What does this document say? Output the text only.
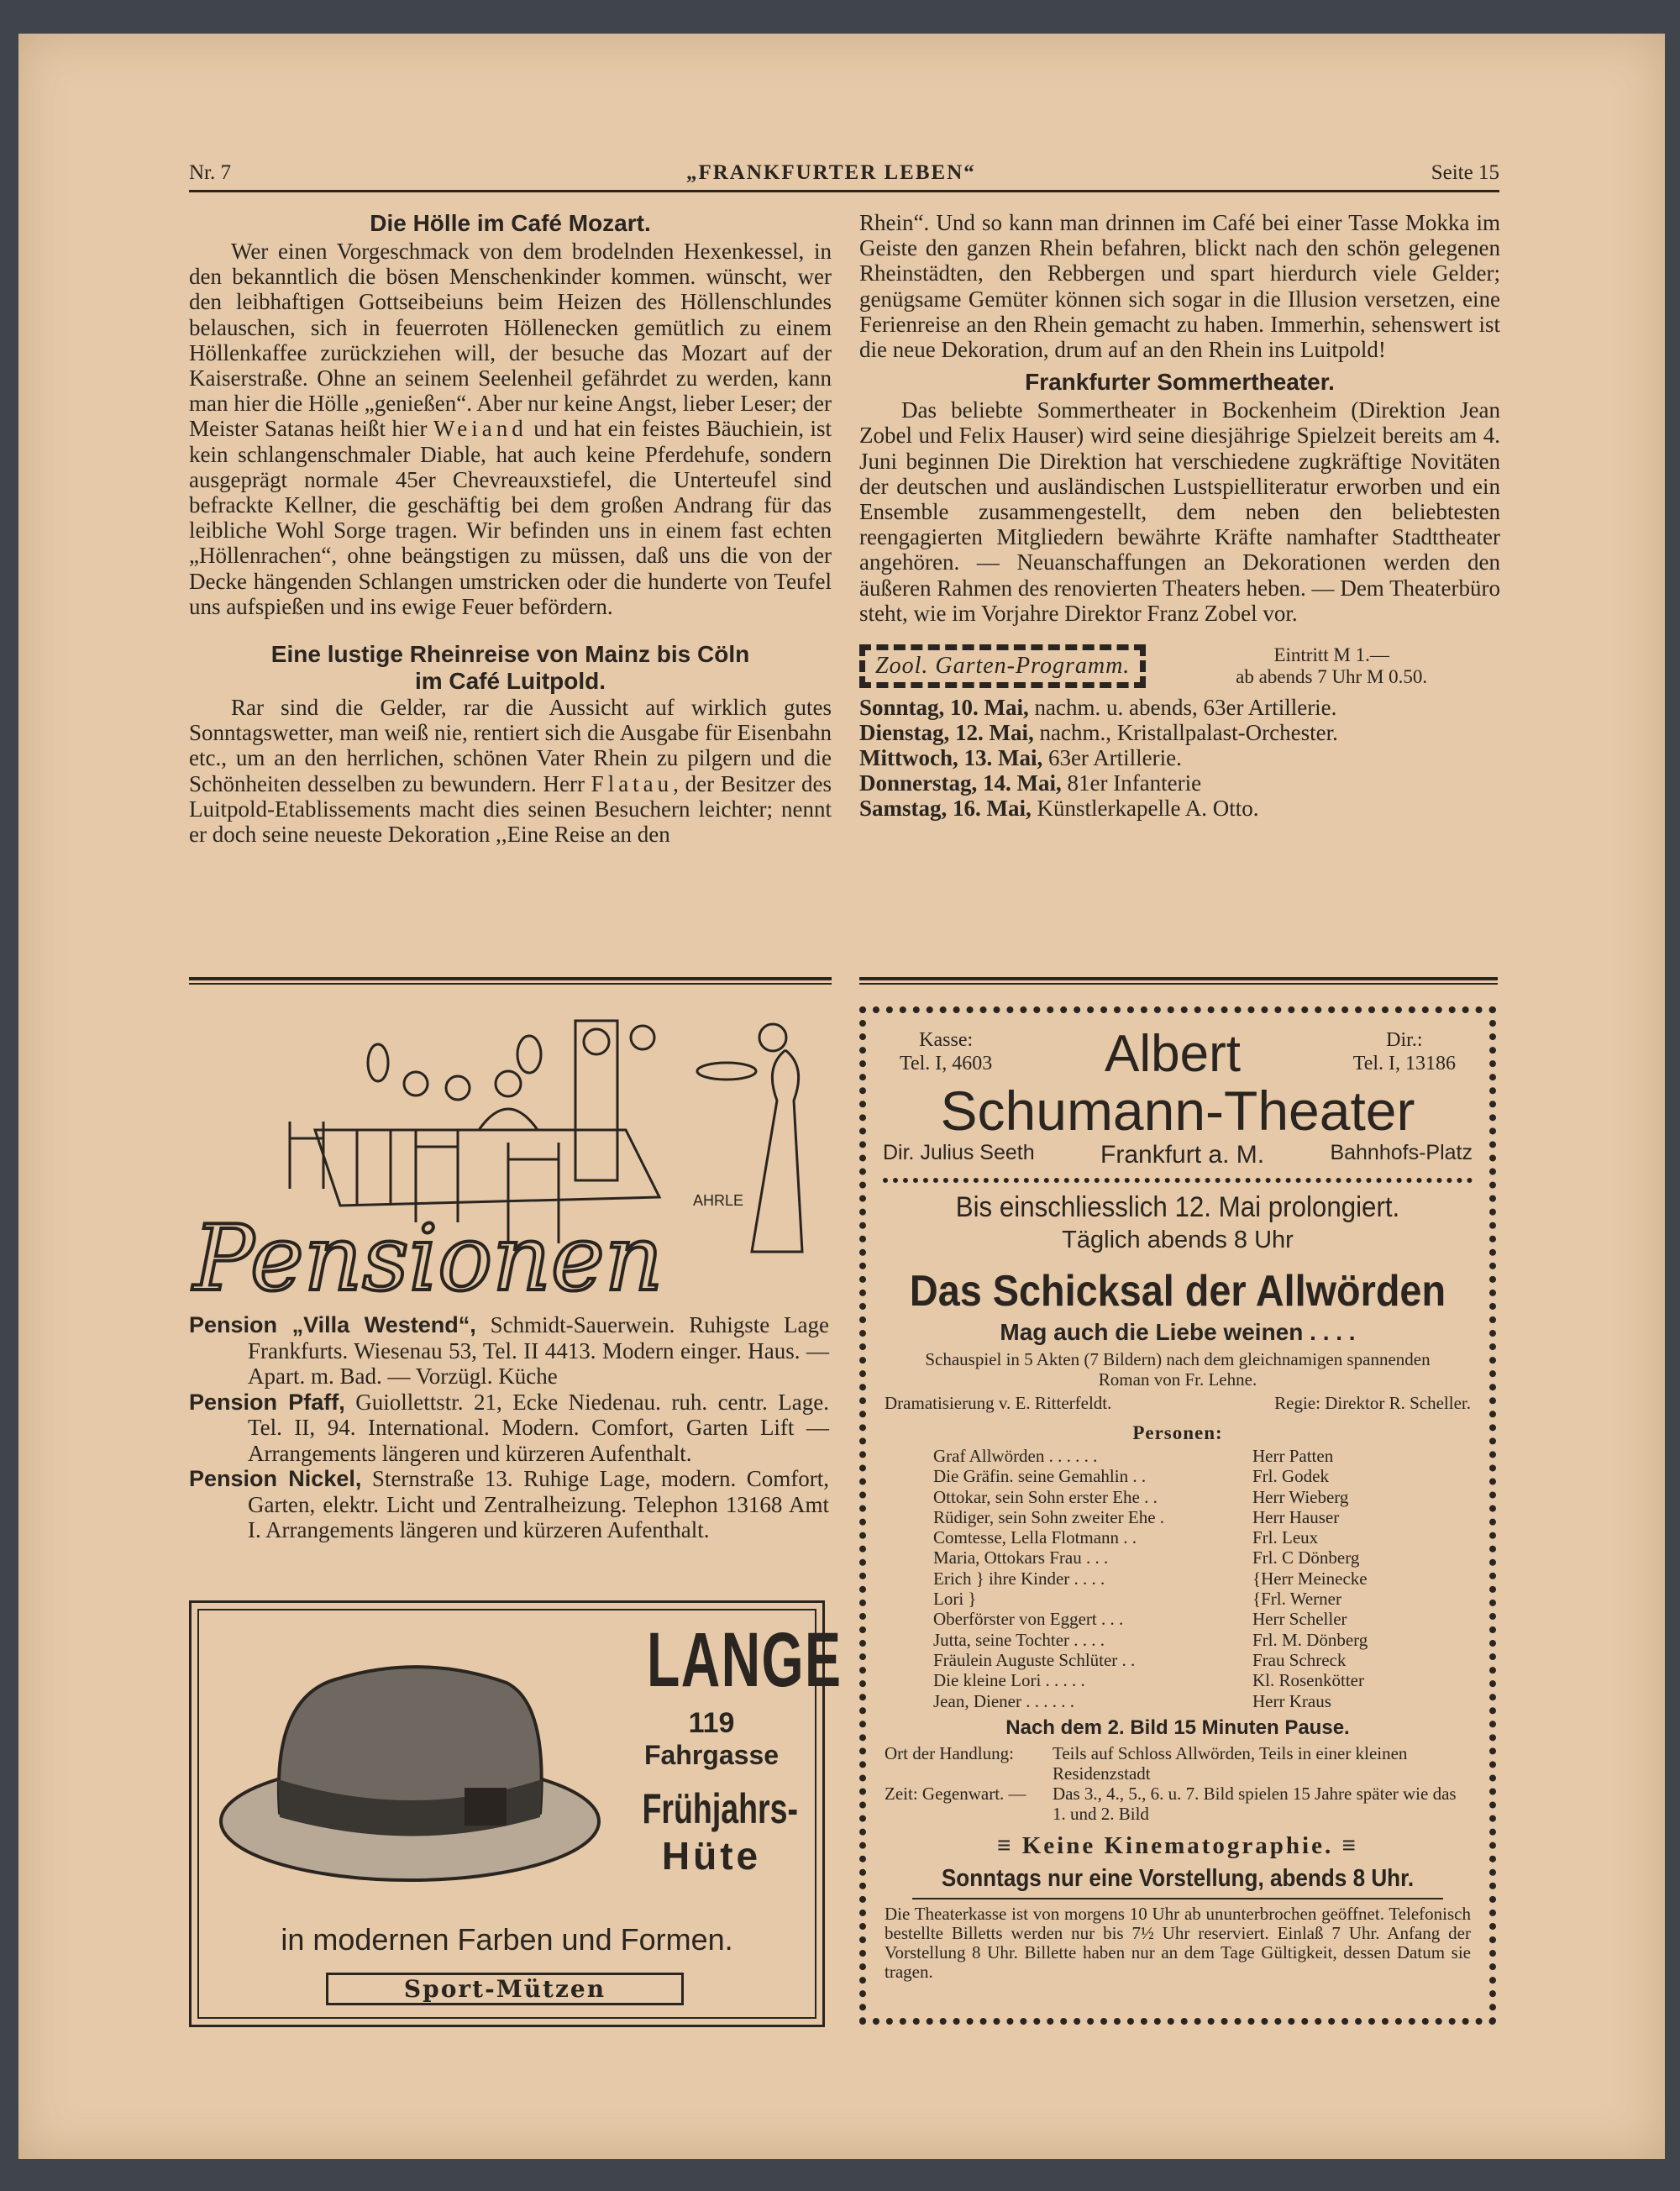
Nr. 7	„FRANKFURTER LEBEN“	Seite 15
Die Hölle im Café Mozart.

Wer einen Vorgeschmack von dem brodelnden Hexenkessel, in den bekanntlich die bösen Menschenkinder kommen. wünscht, wer den leibhaftigen Gottseibeiuns beim Heizen des Höllenschlundes belauschen, sich in feuerroten Höllenecken gemütlich zu einem Höllenkaffee zurückziehen will, der besuche das Mozart auf der Kaiserstraße. Ohne an seinem Seelenheil gefährdet zu werden, kann man hier die Hölle „genießen“. Aber nur keine Angst, lieber Leser; der Meister Satanas heißt hier Weiand und hat ein feistes Bäuchiein, ist kein schlangenschmaler Diable, hat auch keine Pferdehufe, sondern ausgeprägt normale 45er Chevreauxstiefel, die Unterteufel sind befrackte Kellner, die geschäftig bei dem großen Andrang für das leibliche Wohl Sorge tragen. Wir befinden uns in einem fast echten „Höllenrachen“, ohne beängstigen zu müssen, daß uns die von der Decke hängenden Schlangen umstricken oder die hunderte von Teufel uns aufspießen und ins ewige Feuer befördern.

Eine lustige Rheinreise von Mainz bis Cöln
im Café Luitpold.

Rar sind die Gelder, rar die Aussicht auf wirklich gutes Sonntagswetter, man weiß nie, rentiert sich die Ausgabe für Eisenbahn etc., um an den herrlichen, schönen Vater Rhein zu pilgern und die Schönheiten desselben zu bewundern. Herr Flatau, der Besitzer des Luitpold-Etablissements macht dies seinen Besuchern leichter; nennt er doch seine neueste Dekoration ,,Eine Reise an den

Rhein“. Und so kann man drinnen im Café bei einer Tasse Mokka im Geiste den ganzen Rhein befahren, blickt nach den schön gelegenen Rheinstädten, den Rebbergen und spart hierdurch viele Gelder; genügsame Gemüter können sich sogar in die Illusion versetzen, eine Ferienreise an den Rhein gemacht zu haben. Immerhin, sehenswert ist die neue Dekoration, drum auf an den Rhein ins Luitpold!

Frankfurter Sommertheater.

Das beliebte Sommertheater in Bockenheim (Direktion Jean Zobel und Felix Hauser) wird seine diesjährige Spielzeit bereits am 4. Juni beginnen Die Direktion hat verschiedene zugkräftige Novitäten der deutschen und ausländischen Lustspielliteratur erworben und ein Ensemble zusammengestellt, dem neben den beliebtesten reengagierten Mitgliedern bewährte Kräfte namhafter Stadttheater angehören. — Neuanschaffungen an Dekorationen werden den äußeren Rahmen des renovierten Theaters heben. — Dem Theaterbüro steht, wie im Vorjahre Direktor Franz Zobel vor.

Zool. Garten-Programm.	Eintritt M 1.—
ab abends 7 Uhr M 0.50.
Sonntag, 10. Mai, nachm. u. abends, 63er Artillerie.
Dienstag, 12. Mai, nachm., Kristallpalast-Orchester.
Mittwoch, 13. Mai, 63er Artillerie.
Donnerstag, 14. Mai, 81er Infanterie
Samstag, 16. Mai, Künstlerkapelle A. Otto.
AHRLE
Pensionen

Pension „Villa Westend“, Schmidt-Sauerwein. Ruhigste Lage Frankfurts. Wiesenau 53, Tel. II 4413. Modern einger. Haus. — Apart. m. Bad. — Vorzügl. Küche

Pension Pfaff, Guiollettstr. 21, Ecke Niedenau. ruh. centr. Lage. Tel. II, 94. International. Modern. Comfort, Garten Lift — Arrangements längeren und kürzeren Aufenthalt.

Pension Nickel, Sternstraße 13. Ruhige Lage, modern. Comfort, Garten, elektr. Licht und Zentralheizung. Telephon 13168 Amt I. Arrangements längeren und kürzeren Aufenthalt.

LANGE
119
Fahrgasse
Frühjahrs-
Hüte
in modernen Farben und Formen.
Sport-Mützen
Kasse:
Tel. I, 4603 Albert	Dir.:
Tel. I, 13186
Schumann-Theater
Dir. Julius Seeth	Frankfurt a. M.	Bahnhofs-Platz
Bis einschliesslich 12. Mai prolongiert.
Täglich abends 8 Uhr
Das Schicksal der Allwörden
Mag auch die Liebe weinen . . . .
Schauspiel in 5 Akten (7 Bildern) nach dem gleichnamigen spannenden Roman von Fr. Lehne.
Dramatisierung v. E. Ritterfeldt.	Regie: Direktor R. Scheller.
Personen:
Graf Allwörden . . . . . .	Herr Patten
Die Gräfin. seine Gemahlin . .	Frl. Godek
Ottokar, sein Sohn erster Ehe . .	Herr Wieberg
Rüdiger, sein Sohn zweiter Ehe .	Herr Hauser
Comtesse, Lella Flotmann . .	Frl. Leux
Maria, Ottokars Frau . . .	Frl. C Dönberg
Erich } ihre Kinder . . . .	{Herr Meinecke
Lori }	{Frl. Werner
Oberförster von Eggert . . .	Herr Scheller
Jutta, seine Tochter . . . .	Frl. M. Dönberg
Fräulein Auguste Schlüter . .	Frau Schreck
Die kleine Lori . . . . .	Kl. Rosenkötter
Jean, Diener . . . . . .	Herr Kraus
Nach dem 2. Bild 15 Minuten Pause.
Ort der Handlung:	Teils auf Schloss Allwörden, Teils in einer kleinen Residenzstadt
Zeit: Gegenwart. —	Das 3., 4., 5., 6. u. 7. Bild spielen 15 Jahre später wie das 1. und 2. Bild
≡ Keine Kinematographie. ≡
Sonntags nur eine Vorstellung, abends 8 Uhr.
Die Theaterkasse ist von morgens 10 Uhr ab ununterbrochen geöffnet. Telefonisch bestellte Billetts werden nur bis 7½ Uhr reserviert. Einlaß 7 Uhr. Anfang der Vorstellung 8 Uhr. Billette haben nur an dem Tage Gültigkeit, dessen Datum sie tragen.
